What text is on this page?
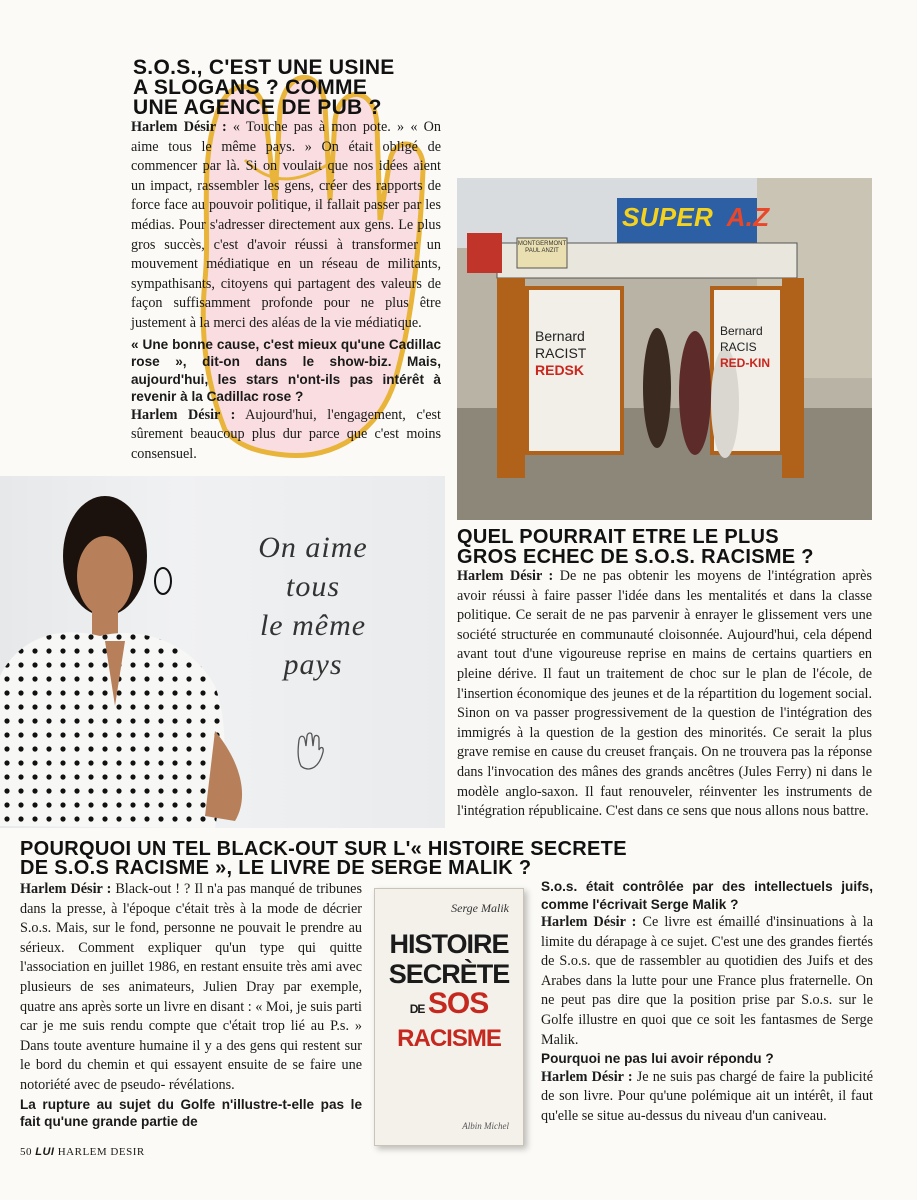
S.O.S., C'EST UNE USINE
A SLOGANS ? COMME
UNE AGENCE DE PUB ?
Harlem Désir : « Touche pas à mon pote. » « On aime tous le même pays. » On était obligé de commencer par là. Si on voulait que nos idées aient un impact, rassembler les gens, créer des rapports de force face au pouvoir politique, il fallait passer par les médias. Pour s'adresser directement aux gens. Le plus gros succès, c'est d'avoir réussi à transformer un mouvement médiatique en un réseau de militants, sympathisants, citoyens qui partagent des valeurs de façon suffisamment profonde pour ne plus être justement à la merci des aléas de la vie médiatique.
« Une bonne cause, c'est mieux qu'une Cadillac rose », dit-on dans le show-biz. Mais, aujourd'hui, les stars n'ont-ils pas intérêt à revenir à la Cadillac rose ?
Harlem Désir : Aujourd'hui, l'engagement, c'est sûrement beaucoup plus dur parce que c'est moins consensuel.
SUPER A.Z
MONTGERMONT PAUL ANZIT
Bernard
RACIST
REDSK
Bernard
RACIS
RED-KIN
On aime
tous
le même
pays
QUEL POURRAIT ETRE LE PLUS
GROS ECHEC DE S.O.S. RACISME ?
Harlem Désir : De ne pas obtenir les moyens de l'intégration après avoir réussi à faire passer l'idée dans les mentalités et dans la classe politique. Ce serait de ne pas parvenir à enrayer le glissement vers une société structurée en communauté cloisonnée. Aujourd'hui, cela dépend avant tout d'une vigoureuse reprise en mains de certains quartiers en pleine dérive. Il faut un traitement de choc sur le plan de l'école, de l'insertion économique des jeunes et de la répartition du logement social. Sinon on va passer progressivement de la question de l'intégration des immigrés à la question de la gestion des minorités. Ce serait la plus grave remise en cause du creuset français. On ne trouvera pas la réponse dans l'invocation des mânes des grands ancêtres (Jules Ferry) ni dans le modèle anglo-saxon. Il faut renouveler, réinventer les instruments de l'intégration républicaine. C'est dans ce sens que nous allons nous battre.
POURQUOI UN TEL BLACK-OUT SUR L'« HISTOIRE SECRETE
DE S.O.S RACISME », LE LIVRE DE SERGE MALIK ?
Harlem Désir : Black-out ! ? Il n'a pas manqué de tribunes dans la presse, à l'époque c'était très à la mode de décrier S.o.s. Mais, sur le fond, personne ne pouvait le prendre au sérieux. Comment expliquer qu'un type qui quitte l'association en juillet 1986, en restant ensuite très ami avec plusieurs de ses animateurs, Julien Dray par exemple, quatre ans après sorte un livre en disant : « Moi, je suis parti car je me suis rendu compte que c'était trop lié au P.s. » Dans toute aventure humaine il y a des gens qui restent sur le bord du chemin et qui essayent ensuite de se faire une notoriété avec de pseudo- révélations.
La rupture au sujet du Golfe n'illustre-t-elle pas le fait qu'une grande partie de
Serge Malik
HISTOIRE
SECRÈTE
DE SOS
RACISME
Albin Michel
S.o.s. était contrôlée par des intellectuels juifs, comme l'écrivait Serge Malik ?
Harlem Désir : Ce livre est émaillé d'insinuations à la limite du dérapage à ce sujet. C'est une des grandes fiertés de S.o.s. que de rassembler au quotidien des Juifs et des Arabes dans la lutte pour une France plus fraternelle. On ne peut pas dire que la position prise par S.o.s. sur le Golfe illustre en quoi que ce soit les fantasmes de Serge Malik.
Pourquoi ne pas lui avoir répondu ?
Harlem Désir : Je ne suis pas chargé de faire la publicité de son livre. Pour qu'une polémique ait un intérêt, il faut qu'elle se situe au-dessus du niveau d'un caniveau.
50 LUI HARLEM DESIR
